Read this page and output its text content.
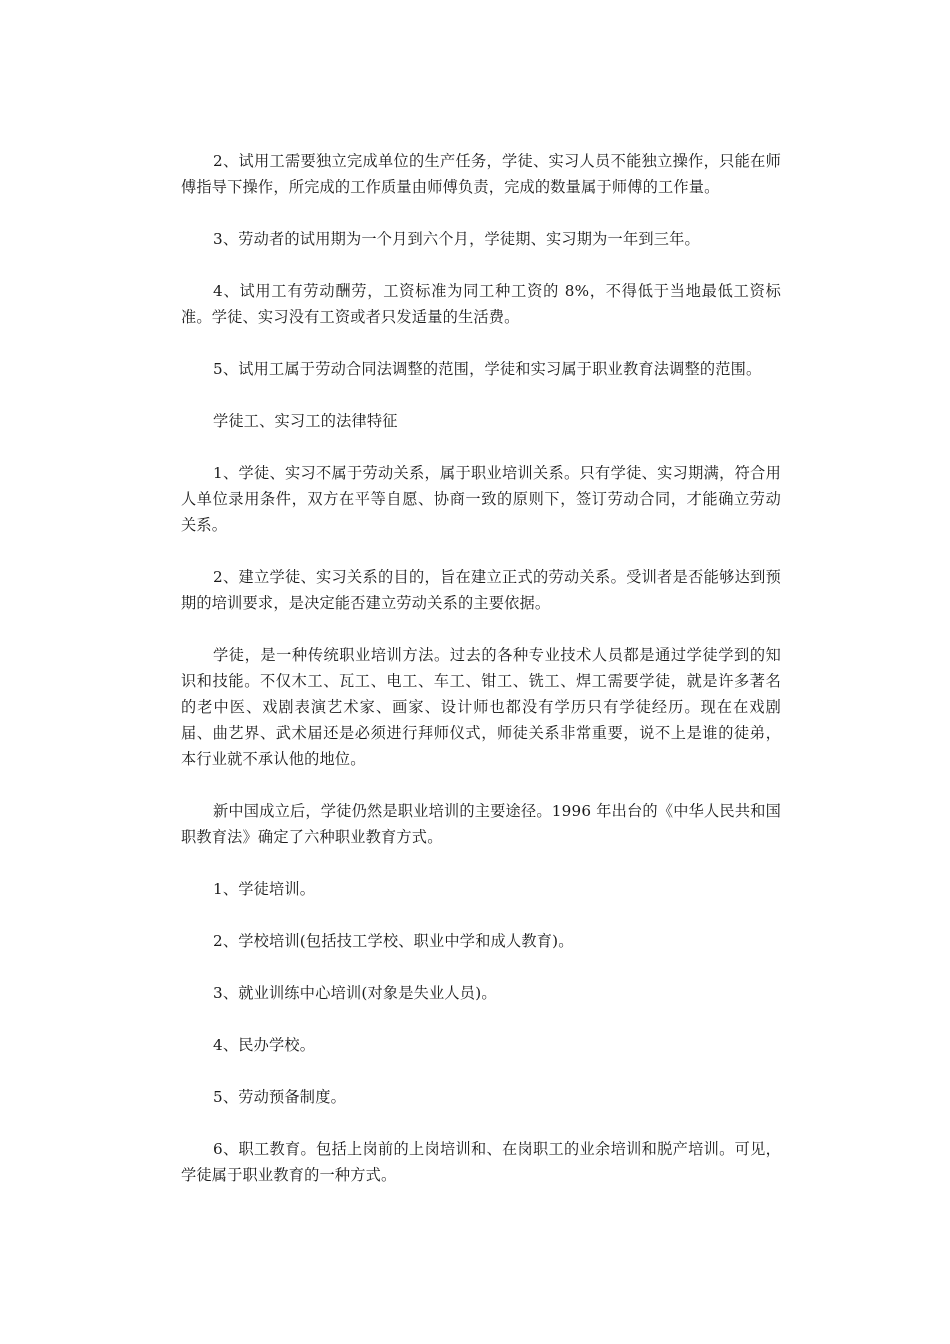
2、试用工需要独立完成单位的生产任务，学徒、实习人员不能独立操作，只能在师傅指导下操作，所完成的工作质量由师傅负责，完成的数量属于师傅的工作量。

3、劳动者的试用期为一个月到六个月，学徒期、实习期为一年到三年。

4、试用工有劳动酬劳，工资标准为同工种工资的 8%，不得低于当地最低工资标准。学徒、实习没有工资或者只发适量的生活费。

5、试用工属于劳动合同法调整的范围，学徒和实习属于职业教育法调整的范围。

学徒工、实习工的法律特征

1、学徒、实习不属于劳动关系，属于职业培训关系。只有学徒、实习期满，符合用人单位录用条件，双方在平等自愿、协商一致的原则下，签订劳动合同，才能确立劳动关系。

2、建立学徒、实习关系的目的，旨在建立正式的劳动关系。受训者是否能够达到预期的培训要求，是决定能否建立劳动关系的主要依据。

学徒，是一种传统职业培训方法。过去的各种专业技术人员都是通过学徒学到的知识和技能。不仅木工、瓦工、电工、车工、钳工、铣工、焊工需要学徒，就是许多著名的老中医、戏剧表演艺术家、画家、设计师也都没有学历只有学徒经历。现在在戏剧届、曲艺界、武术届还是必须进行拜师仪式，师徒关系非常重要，说不上是谁的徒弟，本行业就不承认他的地位。

新中国成立后，学徒仍然是职业培训的主要途径。1996 年出台的《中华人民共和国职教育法》确定了六种职业教育方式。

1、学徒培训。

2、学校培训(包括技工学校、职业中学和成人教育)。

3、就业训练中心培训(对象是失业人员)。

4、民办学校。

5、劳动预备制度。

6、职工教育。包括上岗前的上岗培训和、在岗职工的业余培训和脱产培训。可见，学徒属于职业教育的一种方式。
